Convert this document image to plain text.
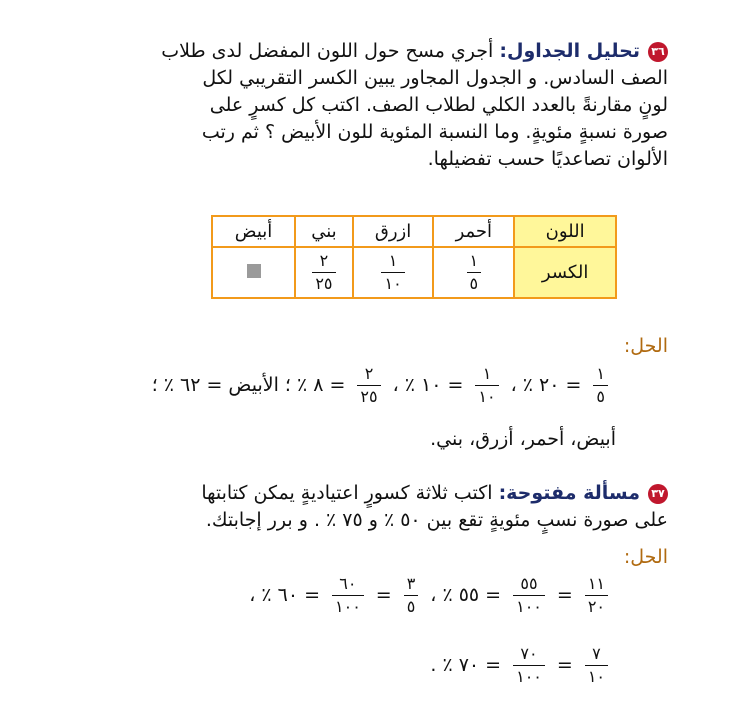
٣٦تحليل الجداول: أجري مسح حول اللون المفضل لدى طلاب
الصف السادس. و الجدول المجاور يبين الكسر التقريبي لكل
لونٍ مقارنةً بالعدد الكلي لطلاب الصف. اكتب كل كسرٍ على
صورة نسبةٍ مئويةٍ. وما النسبة المئوية للون الأبيض ؟ ثم رتب
الألوان تصاعديًا حسب تفضيلها.
اللون	أحمر	ازرق	بني	أبيض
الكسر	$\frac{١}{٥}$	$\frac{١}{١٠}$	$\frac{٢}{٢٥}$

الحل:
$\frac{١}{٥}$
= ٢٠ ٪ ،
$\frac{١}{١٠}$
= ١٠ ٪ ،
$\frac{٢}{٢٥}$
= ٨ ٪ ؛ الأبيض = ٦٢ ٪ ؛
أبيض، أحمر، أزرق، بني.
٣٧مسألة مفتوحة: اكتب ثلاثة كسورٍ اعتياديةٍ يمكن كتابتها
على صورة نسبٍ مئويةٍ تقع بين ٥٠ ٪ و ٧٥ ٪ . و برر إجابتك.
الحل:
$\frac{١١}{٢٠}$
=
$\frac{٥٥}{١٠٠}$
= ٥٥ ٪ ،
$\frac{٣}{٥}$
=
$\frac{٦٠}{١٠٠}$
= ٦٠ ٪ ،
$\frac{٧}{١٠}$
=
$\frac{٧٠}{١٠٠}$
= ٧٠ ٪ .
